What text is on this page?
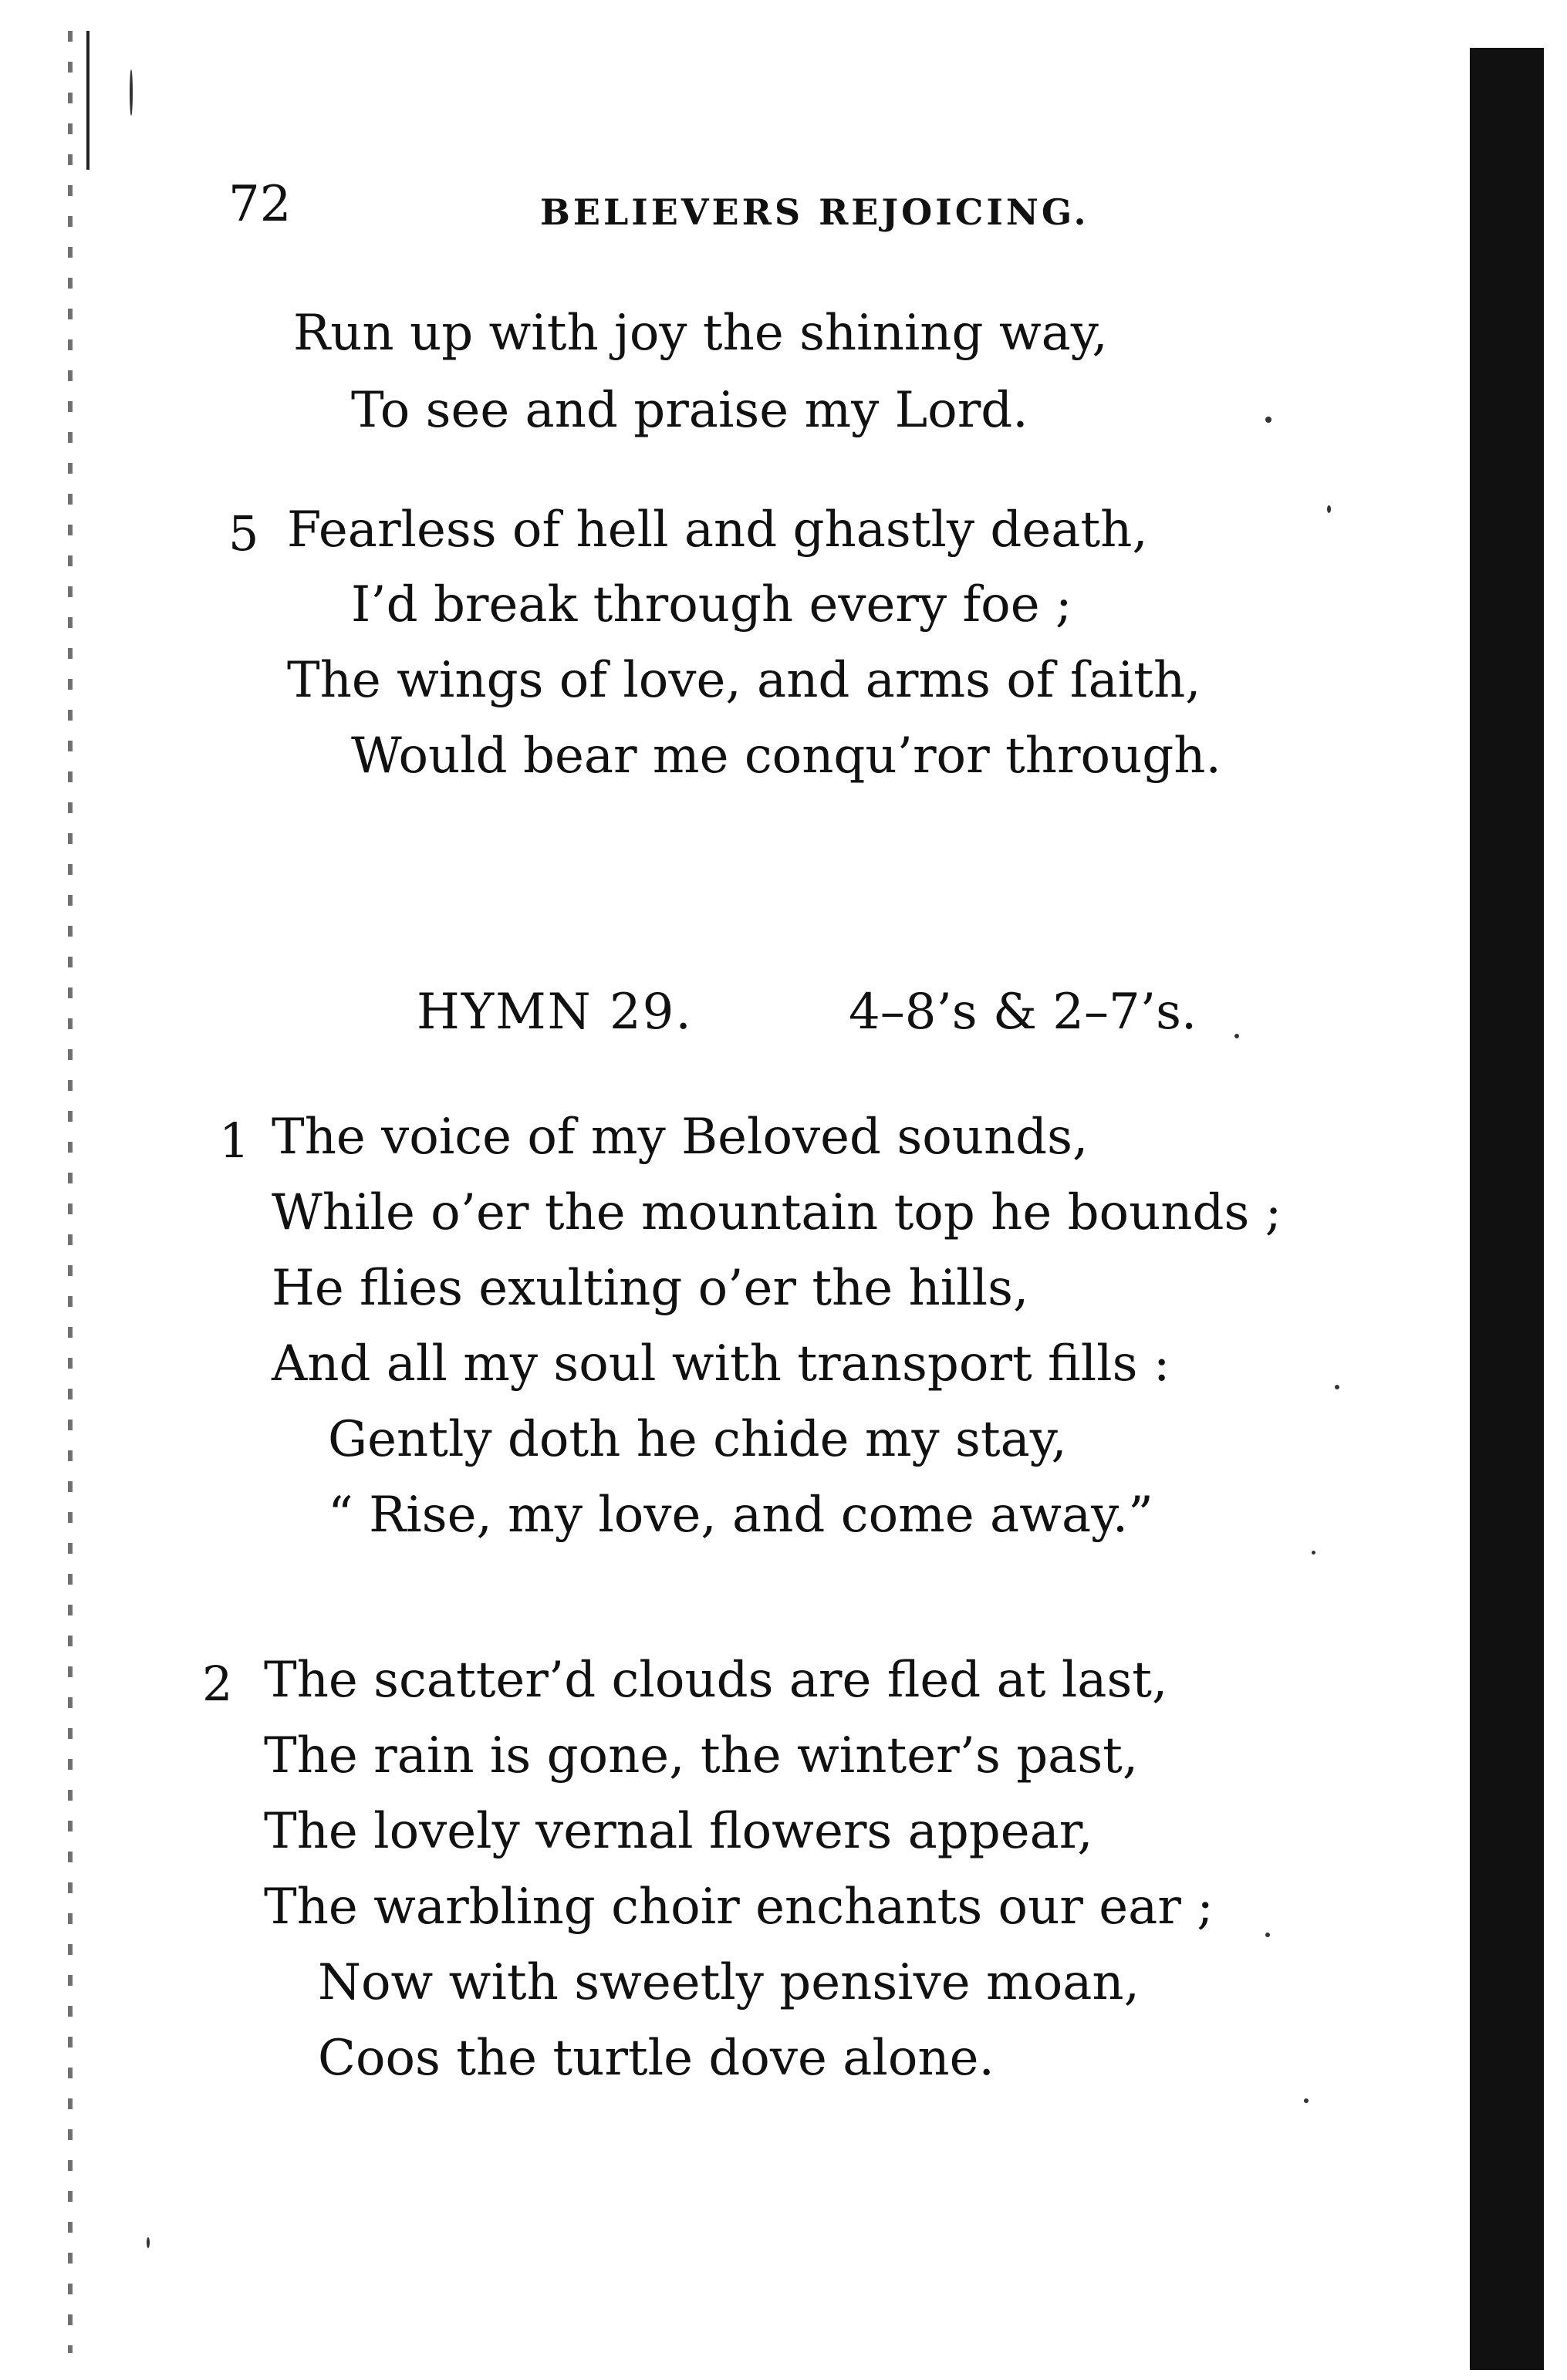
72	BELIEVERS REJOICING.
Run up with joy the shining way,
To see and praise my Lord.
5 Fearless of hell and ghastly death,
I’d break through every foe ;
The wings of love, and arms of ſaith,
Would bear me conqu’ror through.
HYMN 29.	4–8’s & 2–7’s.
1 The voice of my Beloved sounds,
While o’er the mountain top he bounds ;
He flies exulting o’er the hills,
And all my soul with transport fills :
Gently doth he chide my stay,
“ Rise, my love, and come away.”
2 The scatter’d clouds are fled at last,
The rain is gone, the winter’s past,
The lovely vernal flowers appear,
The warbling choir enchants our ear ;
Now with sweetly pensive moan,
Coos the turtle dove alone.
